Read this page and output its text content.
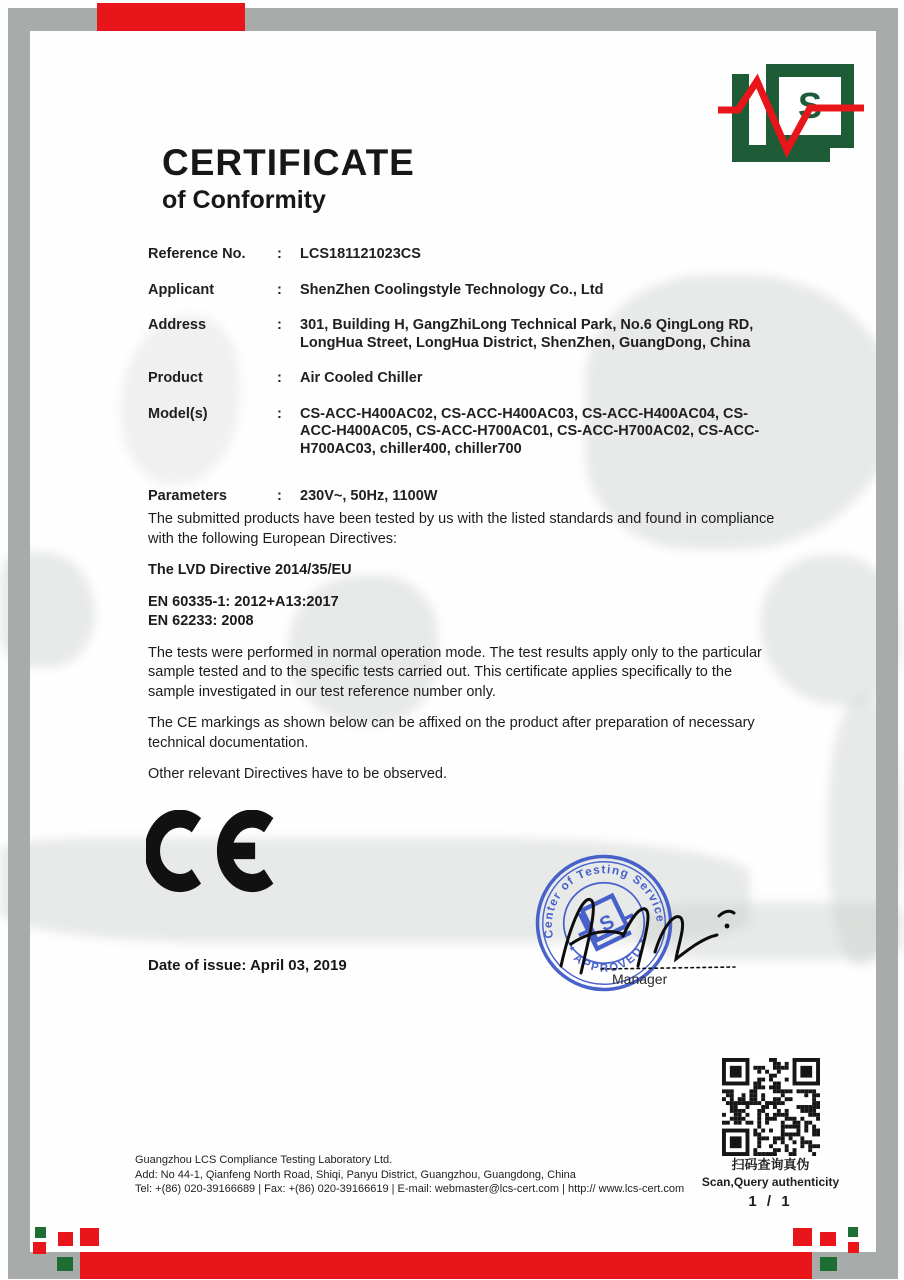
S
CERTIFICATE
of Conformity
Reference No.	:	LCS181121023CS
Applicant	:	ShenZhen Coolingstyle Technology Co., Ltd
Address	:	301, Building H, GangZhiLong Technical Park, No.6 QingLong RD, LongHua Street, LongHua District, ShenZhen, GuangDong, China
Product	:	Air Cooled Chiller
Model(s)	:	CS-ACC-H400AC02, CS-ACC-H400AC03, CS-ACC-H400AC04, CS-ACC-H400AC05, CS-ACC-H700AC01, CS-ACC-H700AC02, CS-ACC-H700AC03, chiller400, chiller700
Parameters	:	230V~, 50Hz, 1100W

The submitted products have been tested by us with the listed standards and found in compliance with the following European Directives:

The LVD Directive 2014/35/EU

EN 60335-1: 2012+A13:2017
EN 62233: 2008

The tests were performed in normal operation mode. The test results apply only to the particular sample tested and to the specific tests carried out. This certificate applies specifically to the sample investigated in our test reference number only.

The CE markings as shown below can be affixed on the product after preparation of necessary technical documentation.

Other relevant Directives have to be observed.

Date of issue: April 03, 2019
Center of Testing Service
* APPROVED *
S
Manager
扫码查询真伪
Scan,Query authenticity
1 / 1
Guangzhou LCS Compliance Testing Laboratory Ltd.
Add: No 44-1, Qianfeng North Road, Shiqi, Panyu District, Guangzhou, Guangdong, China
Tel: +(86) 020-39166689 | Fax: +(86) 020-39166619 | E-mail: webmaster@lcs-cert.com | http:// www.lcs-cert.com
